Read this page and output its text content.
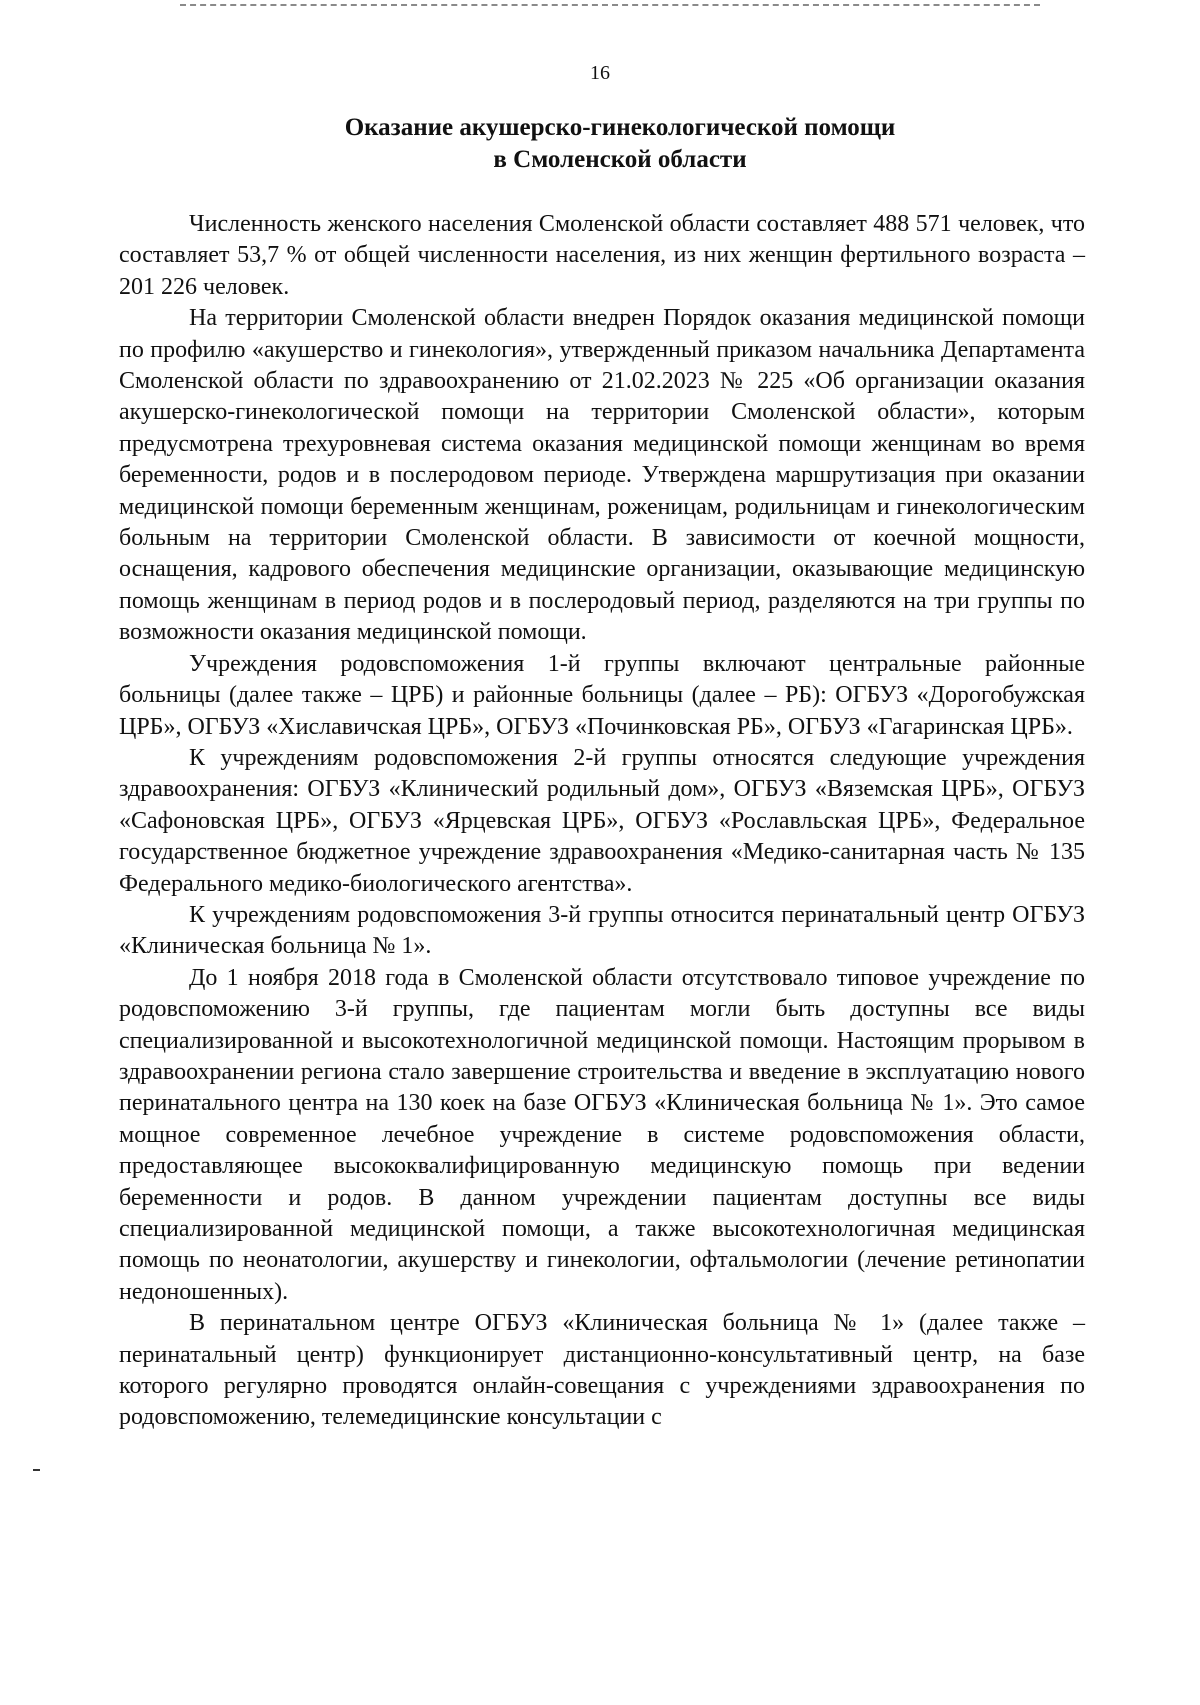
16
Оказание акушерско-гинекологической помощи
в Смоленской области

Численность женского населения Смоленской области составляет 488 571 человек, что составляет 53,7 % от общей численности населения, из них женщин фертильного возраста – 201 226 человек.

На территории Смоленской области внедрен Порядок оказания медицинской помощи по профилю «акушерство и гинекология», утвержденный приказом начальника Департамента Смоленской области по здравоохранению от 21.02.2023 № 225 «Об организации оказания акушерско-гинекологической помощи на территории Смоленской области», которым предусмотрена трехуровневая система оказания медицинской помощи женщинам во время беременности, родов и в послеродовом периоде. Утверждена маршрутизация при оказании медицинской помощи беременным женщинам, роженицам, родильницам и гинекологическим больным на территории Смоленской области. В зависимости от коечной мощности, оснащения, кадрового обеспечения медицинские организации, оказывающие медицинскую помощь женщинам в период родов и в послеродовый период, разделяются на три группы по возможности оказания медицинской помощи.

Учреждения родовспоможения 1-й группы включают центральные районные больницы (далее также – ЦРБ) и районные больницы (далее – РБ): ОГБУЗ «Дорогобужская ЦРБ», ОГБУЗ «Хиславичская ЦРБ», ОГБУЗ «Починковская РБ», ОГБУЗ «Гагаринская ЦРБ».

К учреждениям родовспоможения 2-й группы относятся следующие учреждения здравоохранения: ОГБУЗ «Клинический родильный дом», ОГБУЗ «Вяземская ЦРБ», ОГБУЗ «Сафоновская ЦРБ», ОГБУЗ «Ярцевская ЦРБ», ОГБУЗ «Рославльская ЦРБ», Федеральное государственное бюджетное учреждение здравоохранения «Медико-санитарная часть № 135 Федерального медико-биологического агентства».

К учреждениям родовспоможения 3-й группы относится перинатальный центр ОГБУЗ «Клиническая больница № 1».

До 1 ноября 2018 года в Смоленской области отсутствовало типовое учреждение по родовспоможению 3-й группы, где пациентам могли быть доступны все виды специализированной и высокотехнологичной медицинской помощи. Настоящим прорывом в здравоохранении региона стало завершение строительства и введение в эксплуатацию нового перинатального центра на 130 коек на базе ОГБУЗ «Клиническая больница № 1». Это самое мощное современное лечебное учреждение в системе родовспоможения области, предоставляющее высококвалифицированную медицинскую помощь при ведении беременности и родов. В данном учреждении пациентам доступны все виды специализированной медицинской помощи, а также высокотехнологичная медицинская помощь по неонатологии, акушерству и гинекологии, офтальмологии (лечение ретинопатии недоношенных).

В перинатальном центре ОГБУЗ «Клиническая больница № 1» (далее также – перинатальный центр) функционирует дистанционно-консультативный центр, на базе которого регулярно проводятся онлайн-совещания с учреждениями здравоохранения по родовспоможению, телемедицинские консультации с
